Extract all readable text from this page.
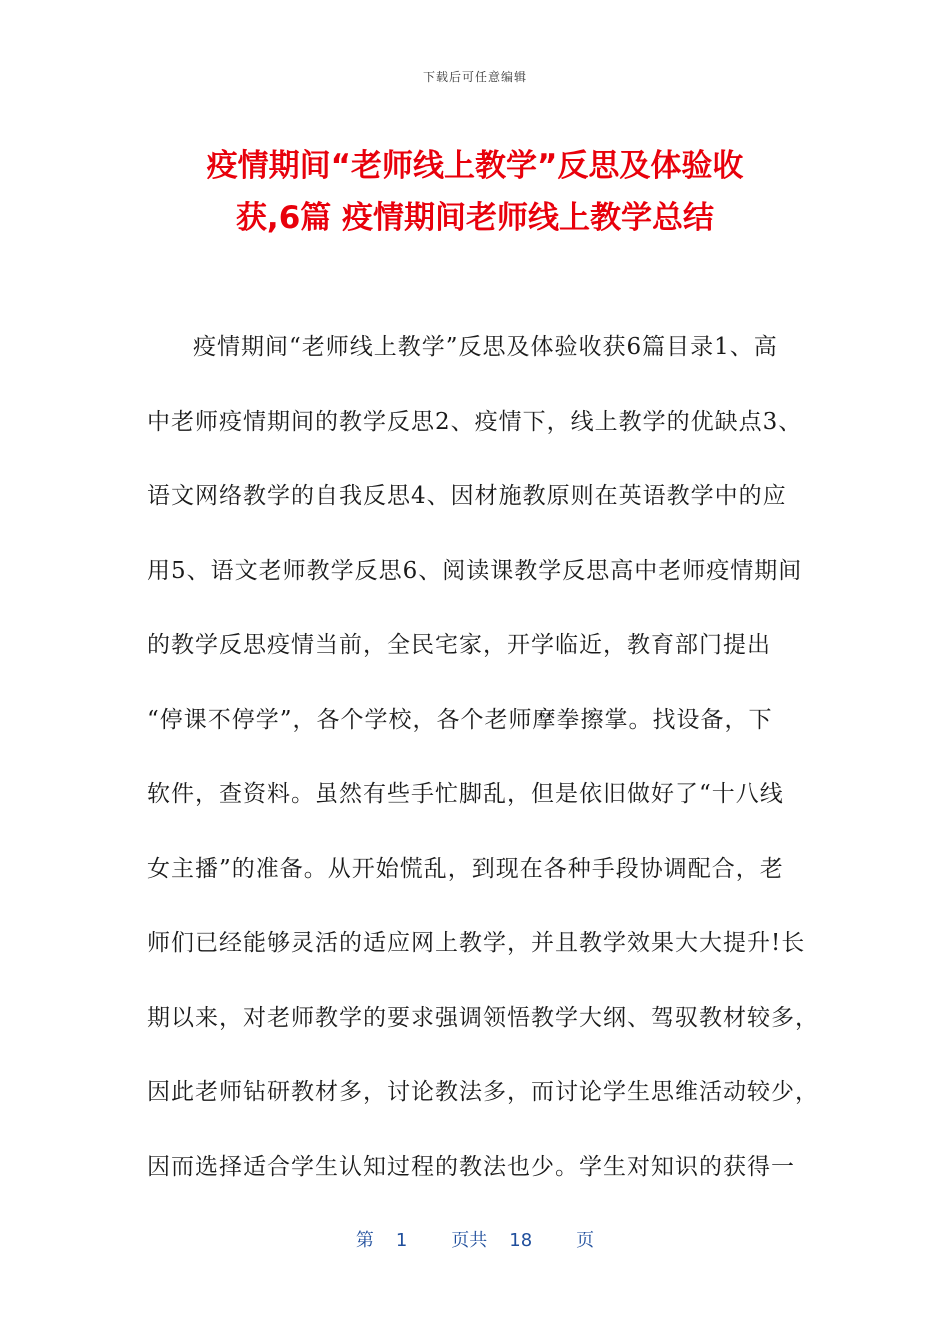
下载后可任意编辑
疫情期间“老师线上教学”反思及体验收
获,6篇 疫情期间老师线上教学总结

疫情期间“老师线上教学”反思及体验收获6篇目录1、高
中老师疫情期间的教学反思2、疫情下，线上教学的优缺点3、
语文网络教学的自我反思4、因材施教原则在英语教学中的应
用5、语文老师教学反思6、阅读课教学反思高中老师疫情期间
的教学反思疫情当前，全民宅家，开学临近，教育部门提出
“停课不停学”，各个学校，各个老师摩拳擦掌。找设备，下
软件，查资料。虽然有些手忙脚乱，但是依旧做好了“十八线
女主播”的准备。从开始慌乱，到现在各种手段协调配合，老
师们已经能够灵活的适应网上教学，并且教学效果大大提升!长
期以来，对老师教学的要求强调领悟教学大纲、驾驭教材较多，
因此老师钻研教材多，讨论教法多，而讨论学生思维活动较少，
因而选择适合学生认知过程的教法也少。学生对知识的获得一

第 1 页共 18 页
